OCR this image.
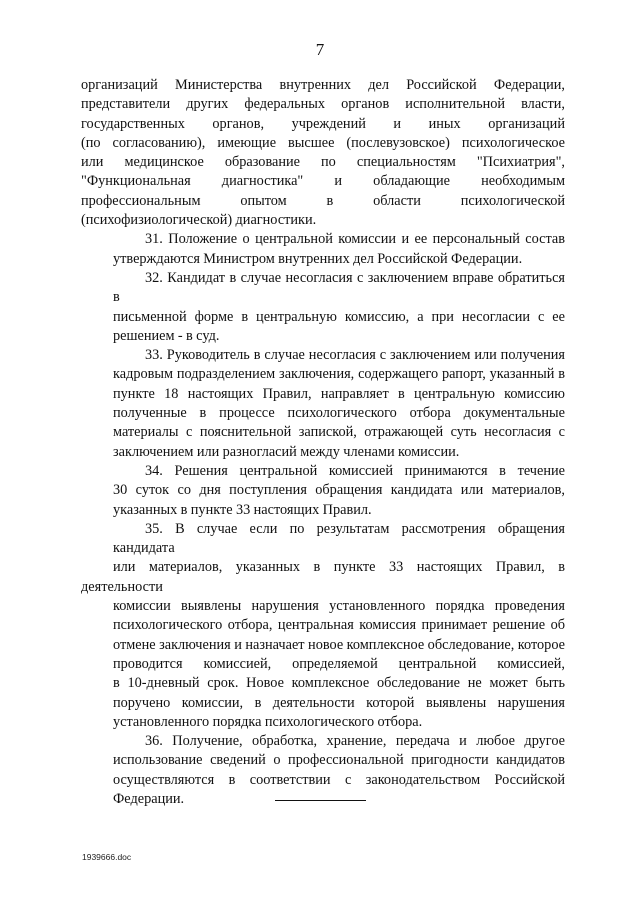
7
организаций Министерства внутренних дел Российской Федерации,
представители других федеральных органов исполнительной власти,
государственных органов, учреждений и иных организаций
(по согласованию), имеющие высшее (послевузовское) психологическое
или медицинское образование по специальностям "Психиатрия",
"Функциональная диагностика" и обладающие необходимым
профессиональным опытом в области психологической
(психофизиологической) диагностики.
31. Положение о центральной комиссии и ее персональный состав
утверждаются Министром внутренних дел Российской Федерации.
32. Кандидат в случае несогласия с заключением вправе обратиться в
письменной форме в центральную комиссию, а при несогласии с ее
решением - в суд.
33. Руководитель в случае несогласия с заключением или получения
кадровым подразделением заключения, содержащего рапорт, указанный в
пункте 18 настоящих Правил, направляет в центральную комиссию
полученные в процессе психологического отбора документальные
материалы с пояснительной запиской, отражающей суть несогласия с
заключением или разногласий между членами комиссии.
34. Решения центральной комиссией принимаются в течение
30 суток со дня поступления обращения кандидата или материалов,
указанных в пункте 33 настоящих Правил.
35. В случае если по результатам рассмотрения обращения кандидата
или материалов, указанных в пункте 33 настоящих Правил, в деятельности
комиссии выявлены нарушения установленного порядка проведения
психологического отбора, центральная комиссия принимает решение об
отмене заключения и назначает новое комплексное обследование, которое
проводится комиссией, определяемой центральной комиссией,
в 10-дневный срок. Новое комплексное обследование не может быть
поручено комиссии, в деятельности которой выявлены нарушения
установленного порядка психологического отбора.
36. Получение, обработка, хранение, передача и любое другое
использование сведений о профессиональной пригодности кандидатов
осуществляются в соответствии с законодательством Российской
Федерации.
1939666.doc
